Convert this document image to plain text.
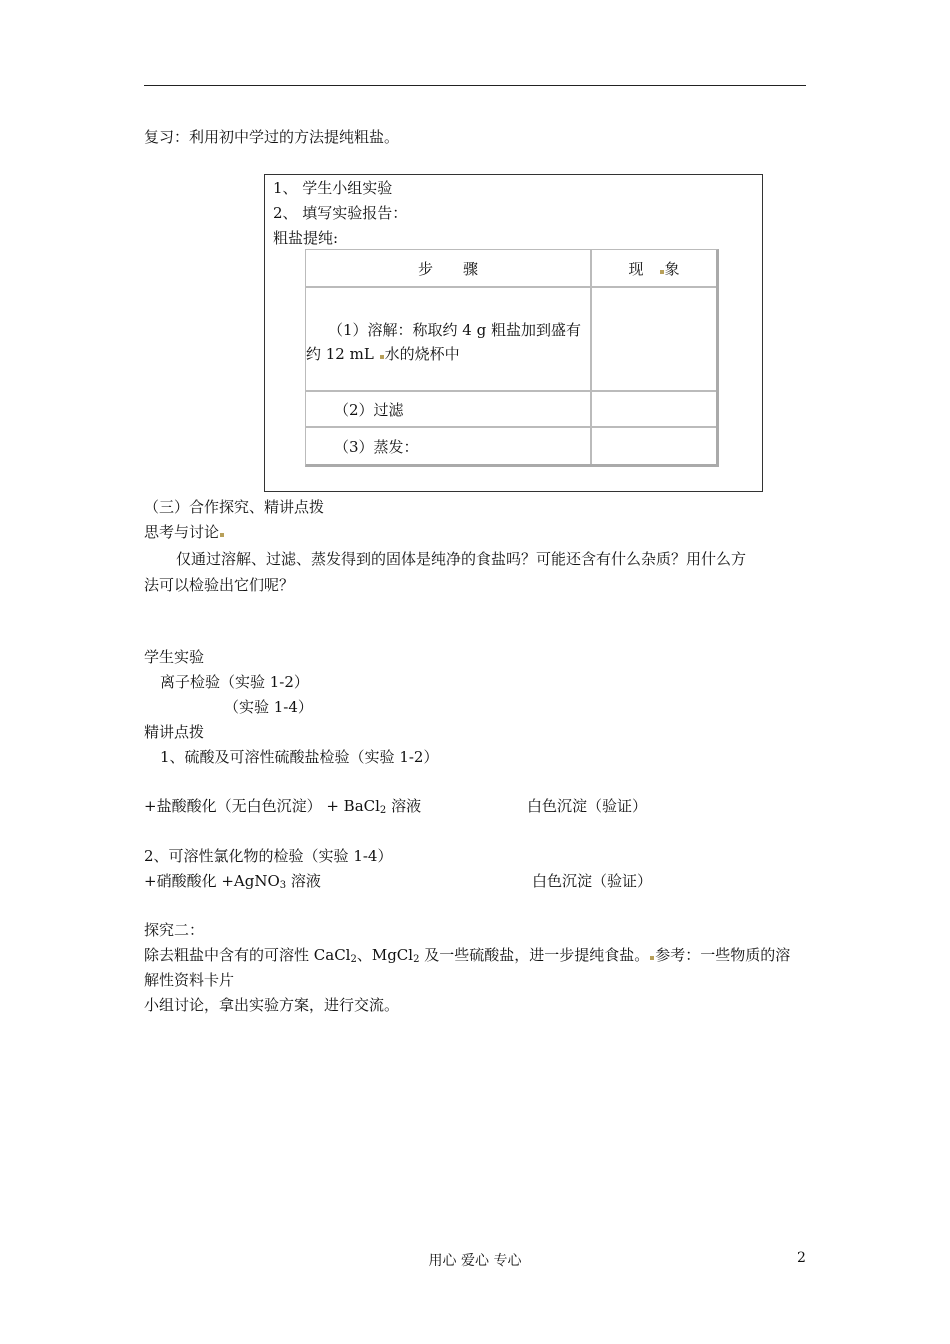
复习：利用初中学过的方法提纯粗盐。
1、 学生小组实验
2、 填写实验报告：
粗盐提纯:
步　　骤	现　象

（1）溶解：称取约 4 g 粗盐加到盛有
约 12 mL 水的烧杯中	

（2）过滤	
（3）蒸发：	
（三）合作探究、精讲点拨
思考与讨论
仅通过溶解、过滤、蒸发得到的固体是纯净的食盐吗？可能还含有什么杂质？用什么方
法可以检验出它们呢？
学生实验
离子检验（实验 1-2）
（实验 1-4）
精讲点拨
1、硫酸及可溶性硫酸盐检验（实验 1-2）
+盐酸酸化（无白色沉淀） + BaCl$_2$ 溶液	白色沉淀（验证）
2、可溶性氯化物的检验（实验 1-4）
+硝酸酸化 +AgNO$_3$ 溶液	白色沉淀（验证）
探究二：
除去粗盐中含有的可溶性 CaCl$_2$、MgCl$_2$ 及一些硫酸盐，进一步提纯食盐。 参考：一些物质的溶
解性资料卡片
小组讨论，拿出实验方案，进行交流。
用心 爱心 专心	2
